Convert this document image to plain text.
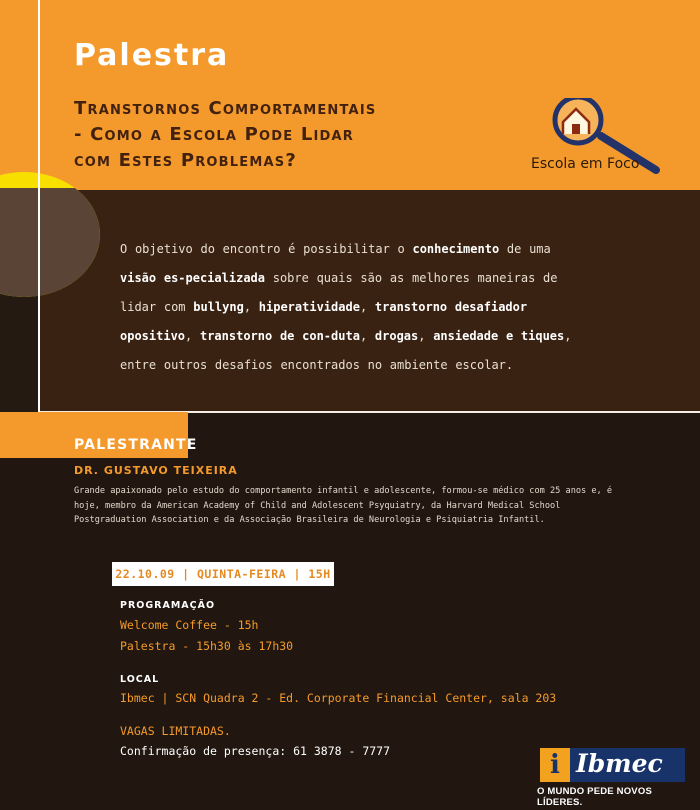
Palestra
Transtornos Comportamentais
- Como a Escola Pode Lidar
com Estes Problemas?	Escola em Foco
O objetivo do encontro é possibilitar o conhecimento de uma visão es-pecializada sobre quais são as melhores maneiras de lidar com bullyng, hiperatividade, transtorno desafiador opositivo, transtorno de con-duta, drogas, ansiedade e tiques, entre outros desafios encontrados no ambiente escolar.
PALESTRANTE
DR. GUSTAVO TEIXEIRA
Grande apaixonado pelo estudo do comportamento infantil e adolescente, formou-se médico com 25 anos e, é hoje, membro da American Academy of Child and Adolescent Psyquiatry, da Harvard Medical School Postgraduation Association e da Associação Brasileira de Neurologia e Psiquiatria Infantil.
22.10.09 | QUINTA-FEIRA | 15H
PROGRAMAÇÃO
Welcome Coffee - 15h
Palestra - 15h30 às 17h30
LOCAL
Ibmec | SCN Quadra 2 - Ed. Corporate Financial Center, sala 203
VAGAS LIMITADAS.
Confirmação de presença: 61 3878 - 7777	i Ibmec
O MUNDO PEDE NOVOS LÍDERES.
